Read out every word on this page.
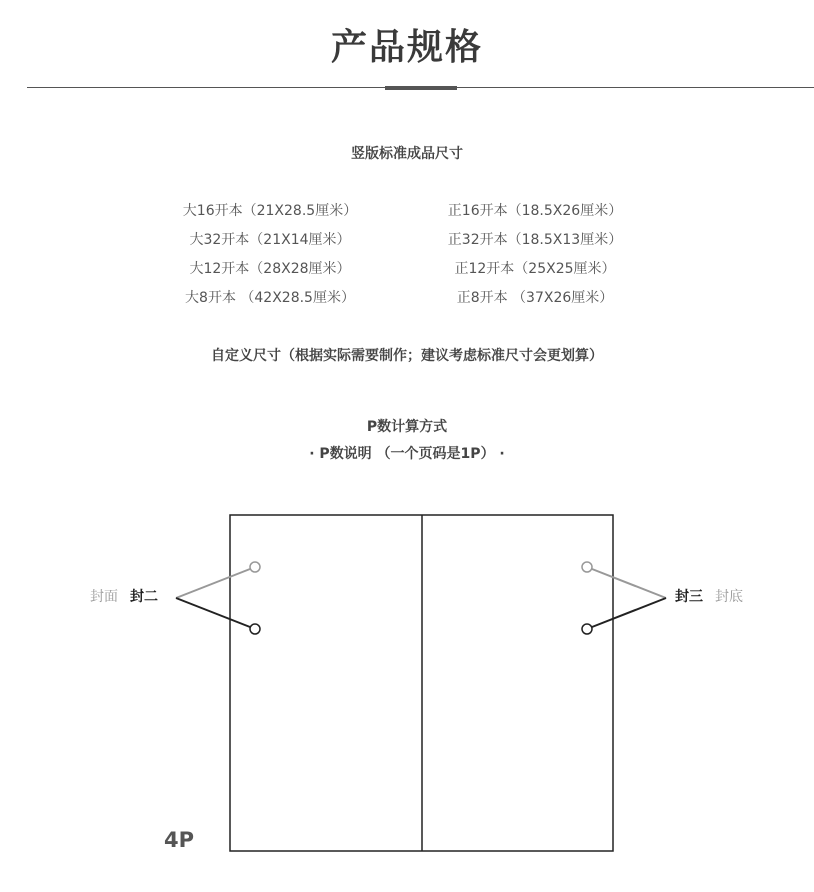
产品规格
竖版标准成品尺寸
大16开本（21X28.5厘米）
大32开本（21X14厘米）
大12开本（28X28厘米）
大8开本 （42X28.5厘米）
正16开本（18.5X26厘米）
正32开本（18.5X13厘米）
正12开本（25X25厘米）
正8开本 （37X26厘米）
自定义尺寸（根据实际需要制作；建议考虑标准尺寸会更划算）
P数计算方式
· P数说明 （一个页码是1P） ·
封面 封二	封三 封底
4P
